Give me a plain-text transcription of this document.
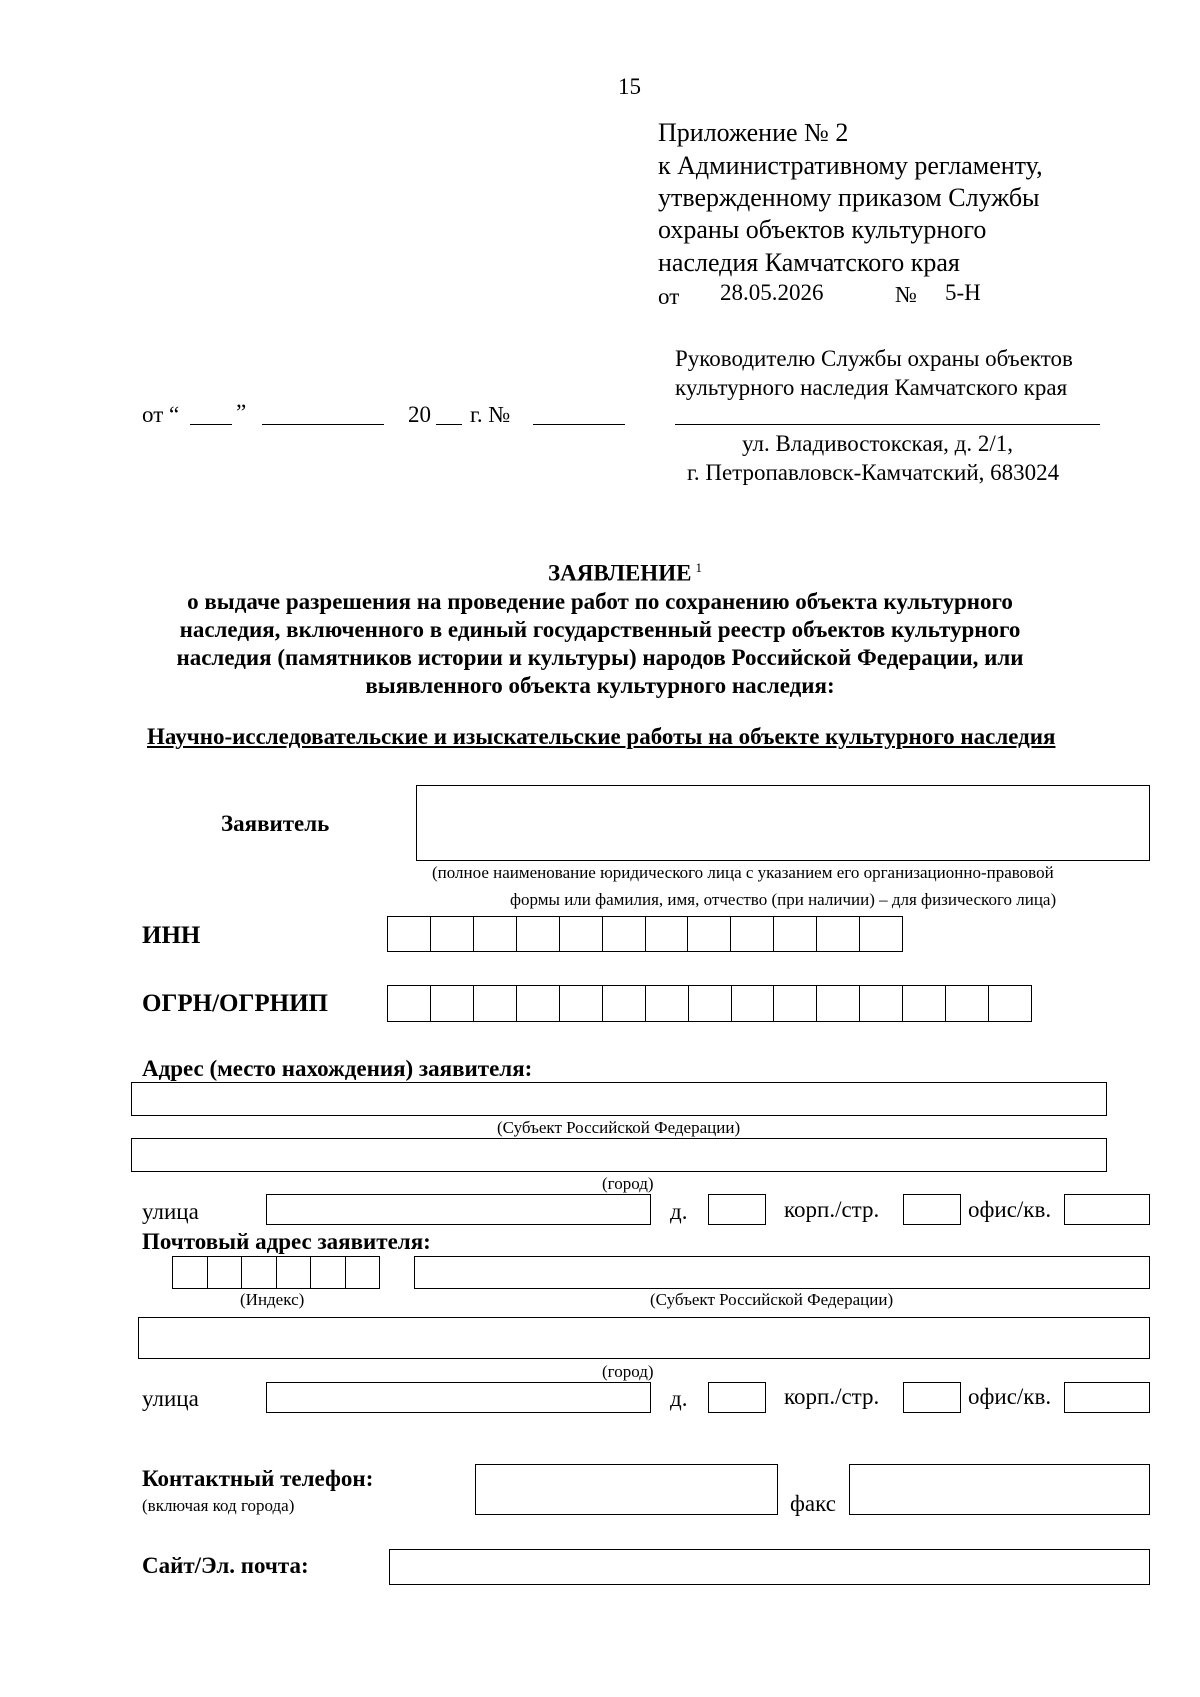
15
Приложение № 2
к Административному регламенту,
утвержденному приказом Службы
охраны объектов культурного
наследия Камчатского края
от 28.05.2026	№ 5-Н
от “ ”	20 г. №
Руководителю Службы охраны объектов
культурного наследия Камчатского края
ул. Владивостокская, д. 2/1,
г. Петропавловск-Камчатский, 683024
ЗАЯВЛЕНИЕ $^1$
о выдаче разрешения на проведение работ по сохранению объекта культурного
наследия, включенного в единый государственный реестр объектов культурного
наследия (памятников истории и культуры) народов Российской Федерации, или
выявленного объекта культурного наследия:
Научно-исследовательские и изыскательские работы на объекте культурного наследия
Заявитель
(полное наименование юридического лица с указанием его организационно-правовой
формы или фамилия, имя, отчество (при наличии) – для физического лица)
ИНН
ОГРН/ОГРНИП
Адрес (место нахождения) заявителя:
(Субъект Российской Федерации)
(город)
улица	д.	корп./стр.	офис/кв.
Почтовый адрес заявителя:
(Индекс)	(Субъект Российской Федерации)
(город)
улица	д.	корп./стр.	офис/кв.
Контактный телефон:
(включая код города)	факс
Сайт/Эл. почта:
